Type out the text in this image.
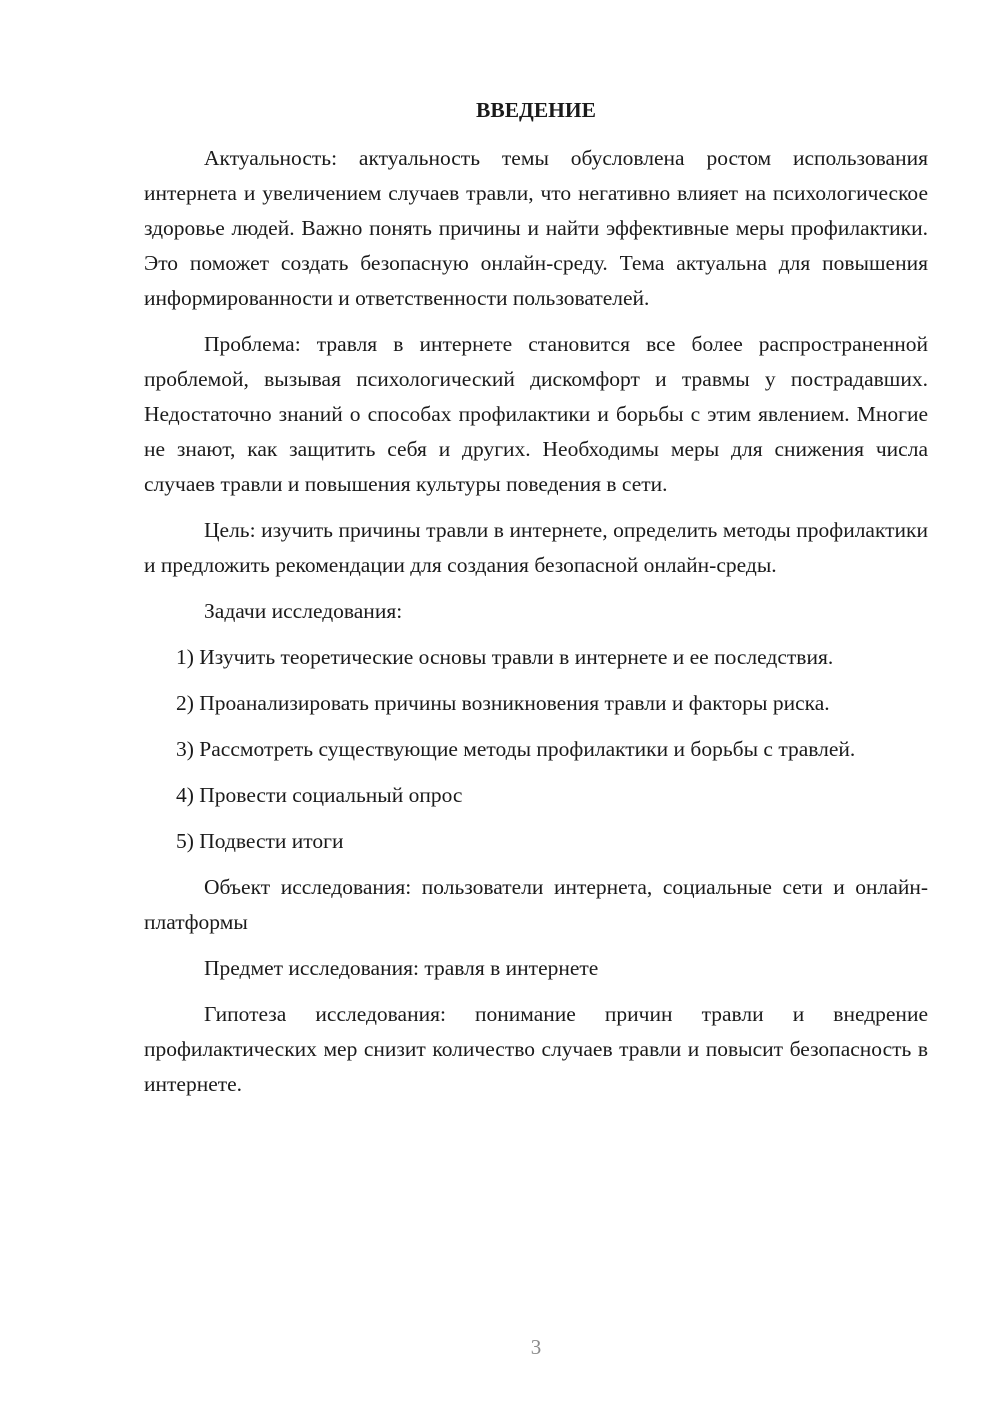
ВВЕДЕНИЕ

Актуальность: актуальность темы обусловлена ростом использования интернета и увеличением случаев травли, что негативно влияет на психологическое здоровье людей. Важно понять причины и найти эффективные меры профилактики. Это поможет создать безопасную онлайн-среду. Тема актуальна для повышения информированности и ответственности пользователей.

Проблема: травля в интернете становится все более распространенной проблемой, вызывая психологический дискомфорт и травмы у пострадавших. Недостаточно знаний о способах профилактики и борьбы с этим явлением. Многие не знают, как защитить себя и других. Необходимы меры для снижения числа случаев травли и повышения культуры поведения в сети.

Цель: изучить причины травли в интернете, определить методы профилактики и предложить рекомендации для создания безопасной онлайн-среды.

Задачи исследования:

1) Изучить теоретические основы травли в интернете и ее последствия.

2) Проанализировать причины возникновения травли и факторы риска.

3) Рассмотреть существующие методы профилактики и борьбы с травлей.

4) Провести социальный опрос

5) Подвести итоги

Объект исследования: пользователи интернета, социальные сети и онлайн-платформы

Предмет исследования: травля в интернете

Гипотеза исследования: понимание причин травли и внедрение профилактических мер снизит количество случаев травли и повысит безопасность в интернете.

3
